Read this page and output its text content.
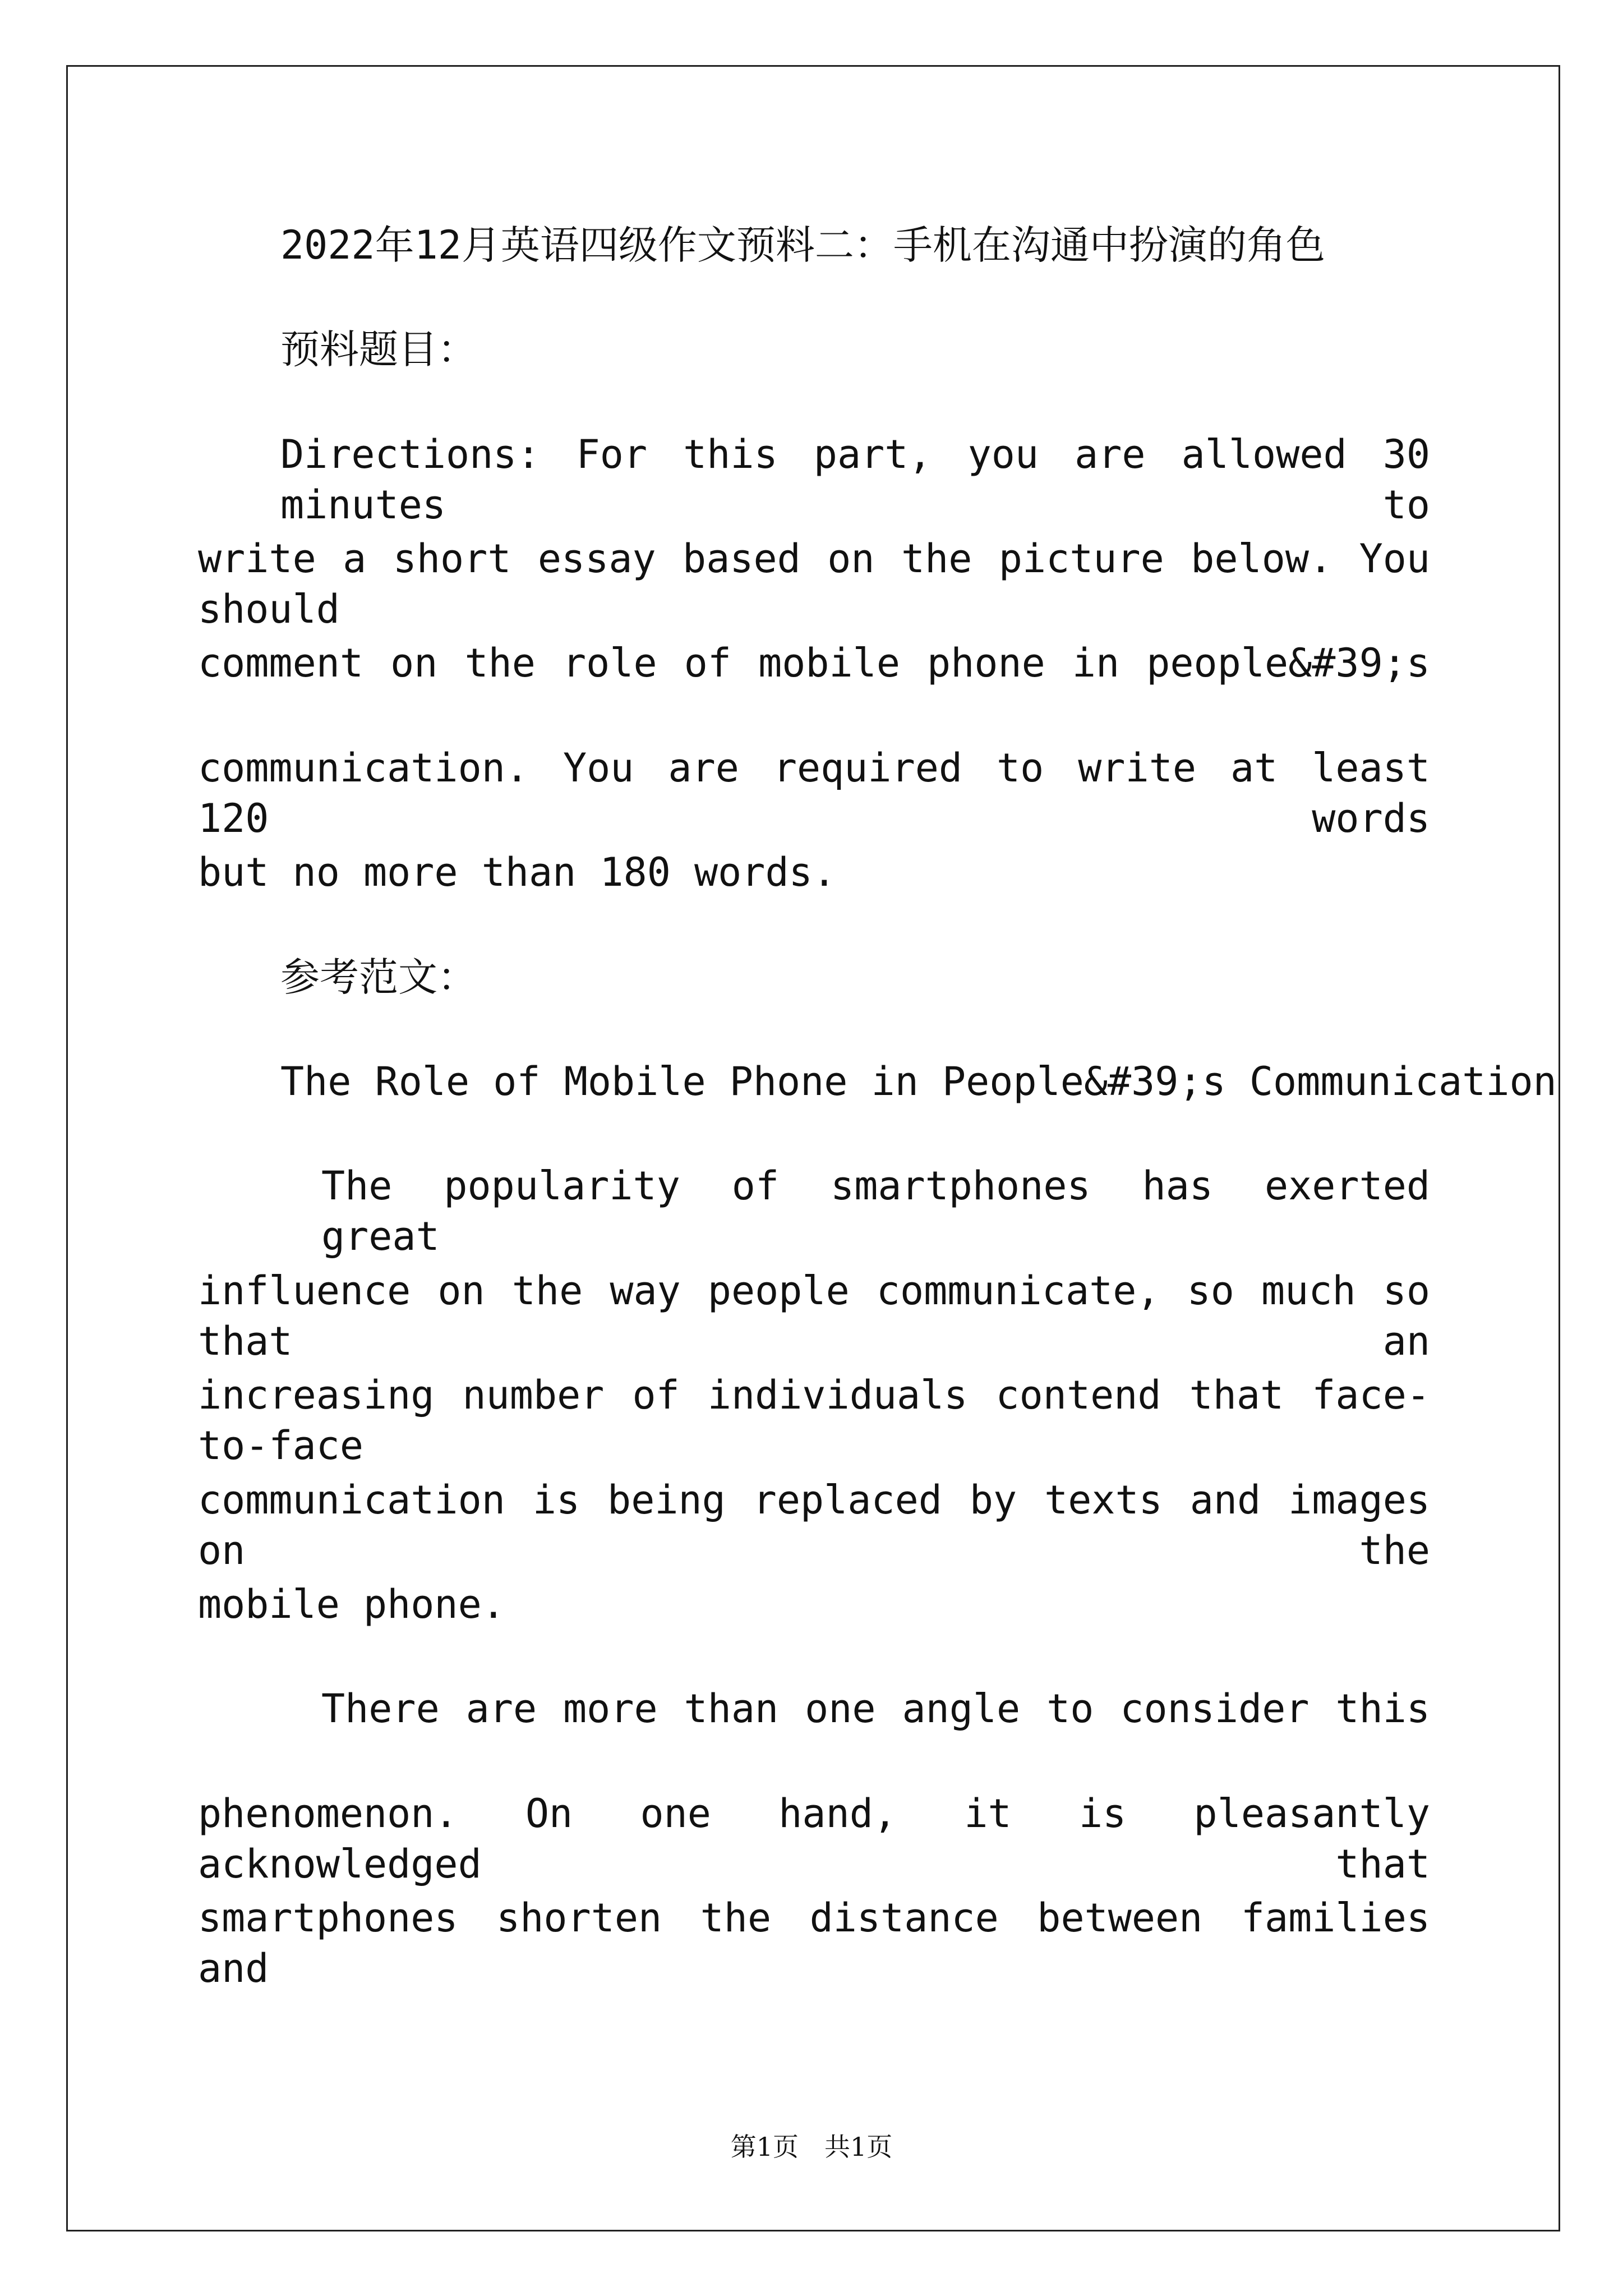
2022年12月英语四级作文预料二：手机在沟通中扮演的角色
预料题目：
Directions: For this part, you are allowed 30 minutes to
write a short essay based on the picture below. You should
comment on the role of mobile phone in people&#39;s
communication. You are required to write at least 120 words
but no more than 180 words.
参考范文：
The Role of Mobile Phone in People&#39;s Communication
The popularity of smartphones has exerted great
influence on the way people communicate, so much so that an
increasing number of individuals contend that face-to-face
communication is being replaced by texts and images on the
mobile phone.
There are more than one angle to consider this
phenomenon. On one hand, it is pleasantly acknowledged that
smartphones shorten the distance between families and
第1页　共1页
